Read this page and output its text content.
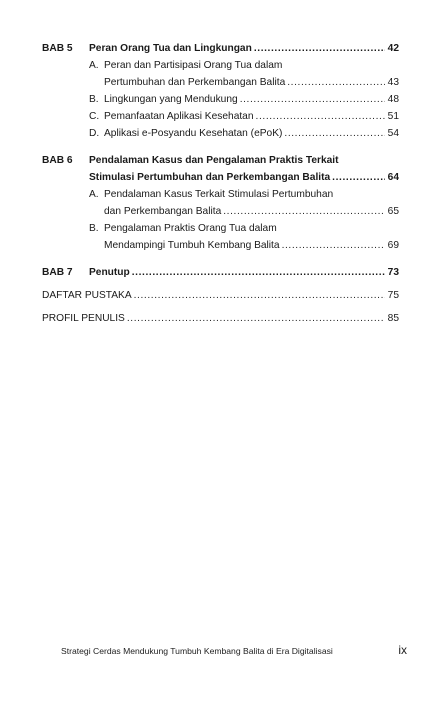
BAB 5	Peran Orang Tua dan Lingkungan .....	42
A. Peran dan Partisipasi Orang Tua dalam
Pertumbuhan dan Perkembangan Balita .....	43
B. Lingkungan yang Mendukung .....	48
C. Pemanfaatan Aplikasi Kesehatan .....	51
D. Aplikasi e-Posyandu Kesehatan (ePoK) .....	54
BAB 6	Pendalaman Kasus dan Pengalaman Praktis Terkait
Stimulasi Pertumbuhan dan Perkembangan Balita .....	64
A. Pendalaman Kasus Terkait Stimulasi Pertumbuhan
dan Perkembangan Balita .....	65
B. Pengalaman Praktis Orang Tua dalam
Mendampingi Tumbuh Kembang Balita .....	69
BAB 7	Penutup .....	73
DAFTAR PUSTAKA .....	75
PROFIL PENULIS .....	85
Strategi Cerdas Mendukung Tumbuh Kembang Balita di Era Digitalisasi	ix
